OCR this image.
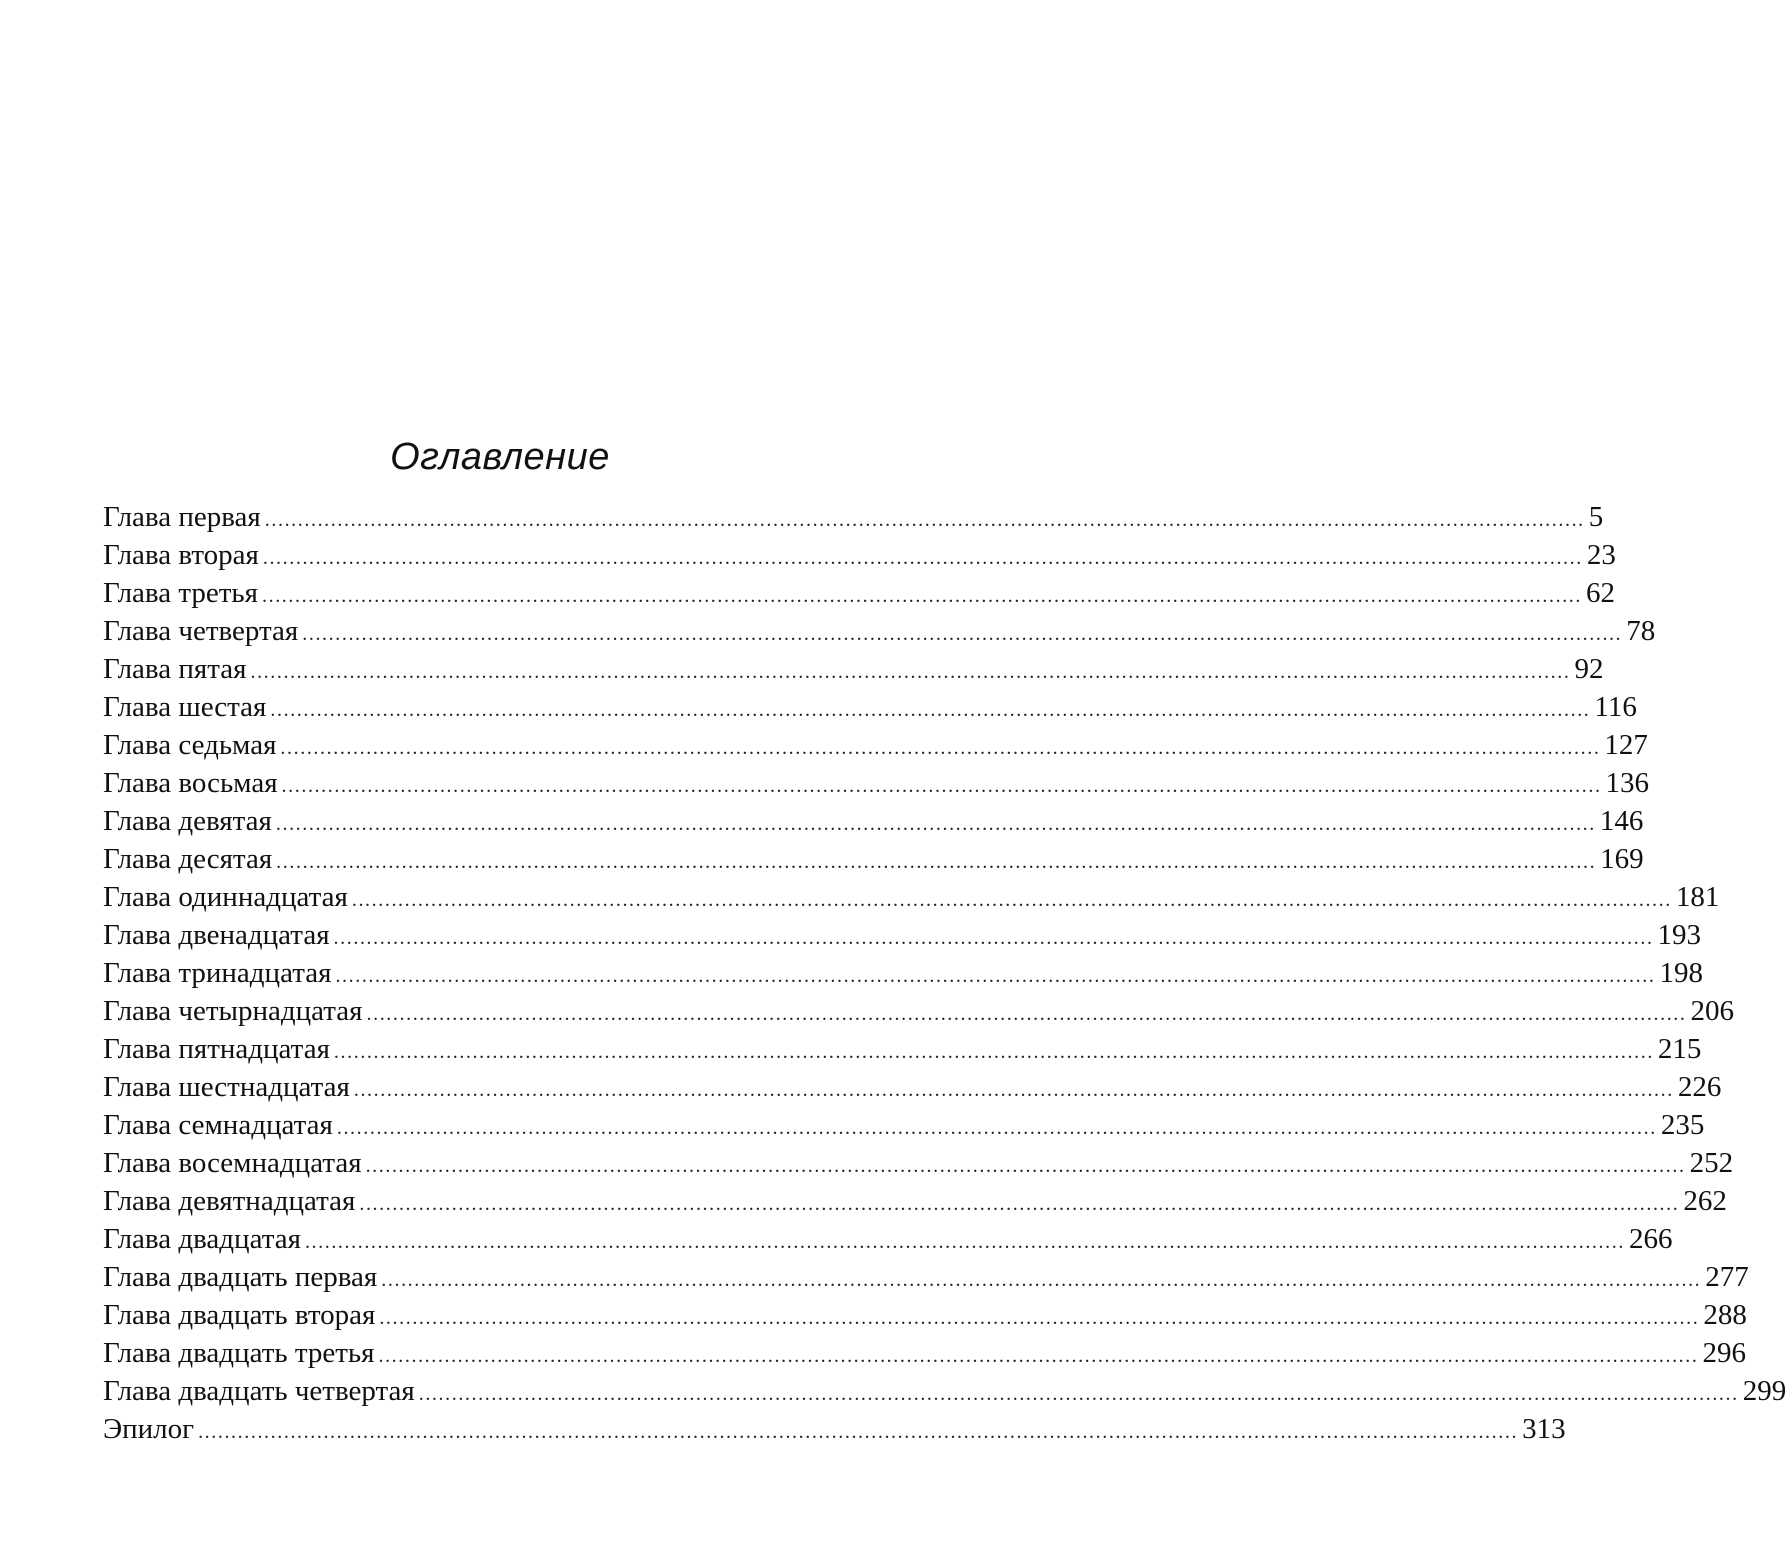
Оглавление
Глава первая ........................................................................................................................................................................................................ 5
Глава вторая ........................................................................................................................................................................................................ 23
Глава третья ........................................................................................................................................................................................................ 62
Глава четвертая ........................................................................................................................................................................................................ 78
Глава пятая ........................................................................................................................................................................................................ 92
Глава шестая ........................................................................................................................................................................................................ 116
Глава седьмая ........................................................................................................................................................................................................ 127
Глава восьмая ........................................................................................................................................................................................................ 136
Глава девятая ........................................................................................................................................................................................................ 146
Глава десятая ........................................................................................................................................................................................................ 169
Глава одиннадцатая ........................................................................................................................................................................................................ 181
Глава двенадцатая ........................................................................................................................................................................................................ 193
Глава тринадцатая ........................................................................................................................................................................................................ 198
Глава четырнадцатая ........................................................................................................................................................................................................ 206
Глава пятнадцатая ........................................................................................................................................................................................................ 215
Глава шестнадцатая ........................................................................................................................................................................................................ 226
Глава семнадцатая ........................................................................................................................................................................................................ 235
Глава восемнадцатая ........................................................................................................................................................................................................ 252
Глава девятнадцатая ........................................................................................................................................................................................................ 262
Глава двадцатая ........................................................................................................................................................................................................ 266
Глава двадцать первая ........................................................................................................................................................................................................ 277
Глава двадцать вторая ........................................................................................................................................................................................................ 288
Глава двадцать третья ........................................................................................................................................................................................................ 296
Глава двадцать четвертая ........................................................................................................................................................................................................ 299
Эпилог ........................................................................................................................................................................................................ 313
